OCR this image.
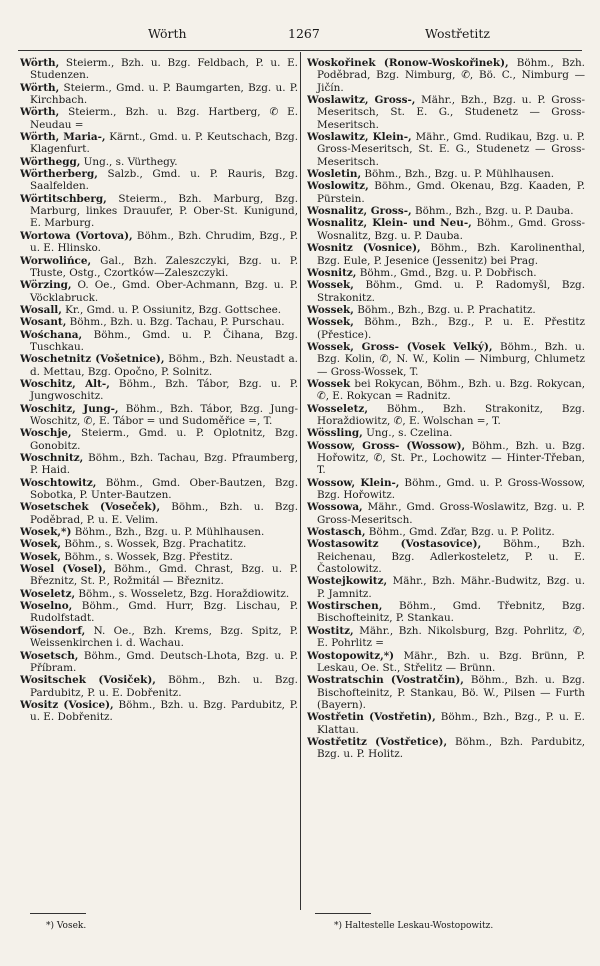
Wörth	1267	Wostřetitz

Wörth, Steierm., Bzh. u. Bzg. Feldbach, P. u. E. Studenzen.

Wörth, Steierm., Gmd. u. P. Baumgarten, Bzg. u. P. Kirchbach.

Wörth, Steierm., Bzh. u. Bzg. Hartberg, ✆ E. Neudau =

Wörth, Maria-, Kärnt., Gmd. u. P. Keutschach, Bzg. Klagenfurt.

Wörthegg, Ung., s. Vürthegy.

Wörtherberg, Salzb., Gmd. u. P. Rauris, Bzg. Saalfelden.

Wörtitschberg, Steierm., Bzh. Marburg, Bzg. Marburg, linkes Drauufer, P. Ober-St. Kunigund, E. Marburg.

Wortowa (Vortova), Böhm., Bzh. Chrudim, Bzg., P. u. E. Hlinsko.

Worwolińce, Gal., Bzh. Zaleszczyki, Bzg. u. P. Tłuste, Ostg., Czortków—Zaleszczyki.

Wörzing, O. Oe., Gmd. Ober-Achmann, Bzg. u. P. Vöcklabruck.

Wosall, Kr., Gmd. u. P. Ossiunitz, Bzg. Gottschee.

Wosant, Böhm., Bzh. u. Bzg. Tachau, P. Purschau.

Wośchana, Böhm., Gmd. u. P. Čihana, Bzg. Tuschkau.

Woschetnitz (Vošetnice), Böhm., Bzh. Neustadt a. d. Mettau, Bzg. Opočno, P. Solnitz.

Woschitz, Alt-, Böhm., Bzh. Tábor, Bzg. u. P. Jungwoschitz.

Woschitz, Jung-, Böhm., Bzh. Tábor, Bzg. Jung-Woschitz, ✆, E. Tábor = und Sudoměřice =, T.

Woschje, Steierm., Gmd. u. P. Oplotnitz, Bzg. Gonobitz.

Woschnitz, Böhm., Bzh. Tachau, Bzg. Pfraumberg, P. Haid.

Woschtowitz, Böhm., Gmd. Ober-Bautzen, Bzg. Sobotka, P. Unter-Bautzen.

Wosetschek (Voseček), Böhm., Bzh. u. Bzg. Poděbrad, P. u. E. Velim.

Wosek,*) Böhm., Bzh., Bzg. u. P. Mühlhausen.

Wosek, Böhm., s. Wossek, Bzg. Prachatitz.

Wosek, Böhm., s. Wossek, Bzg. Přestitz.

Wosel (Vosel), Böhm., Gmd. Chrast, Bzg. u. P. Březnitz, St. P., Rožmitál — Březnitz.

Woseletz, Böhm., s. Wosseletz, Bzg. Horaždiowitz.

Woselno, Böhm., Gmd. Hurr, Bzg. Lischau, P. Rudolfstadt.

Wösendorf, N. Oe., Bzh. Krems, Bzg. Spitz, P. Weissenkirchen i. d. Wachau.

Wosetsch, Böhm., Gmd. Deutsch-Lhota, Bzg. u. P. Příbram.

Wositschek (Vosiček), Böhm., Bzh. u. Bzg. Pardubitz, P. u. E. Dobřenitz.

Wositz (Vosice), Böhm., Bzh. u. Bzg. Pardubitz, P. u. E. Dobřenitz.

Woskořinek (Ronow-Woskořinek), Böhm., Bzh. Poděbrad, Bzg. Nimburg, ✆, Bö. C., Nimburg — Jičín.

Woslawitz, Gross-, Mähr., Bzh., Bzg. u. P. Gross-Meseritsch, St. E. G., Studenetz — Gross-Meseritsch.

Woslawitz, Klein-, Mähr., Gmd. Rudikau, Bzg. u. P. Gross-Meseritsch, St. E. G., Studenetz — Gross-Meseritsch.

Wosletin, Böhm., Bzh., Bzg. u. P. Mühlhausen.

Woslowitz, Böhm., Gmd. Okenau, Bzg. Kaaden, P. Pürstein.

Wosnalitz, Gross-, Böhm., Bzh., Bzg. u. P. Dauba.

Wosnalitz, Klein- und Neu-, Böhm., Gmd. Gross-Wosnalitz, Bzg. u. P. Dauba.

Wosnitz (Vosnice), Böhm., Bzh. Karolinenthal, Bzg. Eule, P. Jesenice (Jessenitz) bei Prag.

Wosnitz, Böhm., Gmd., Bzg. u. P. Dobřisch.

Wossek, Böhm., Gmd. u. P. Radomyšl, Bzg. Strakonitz.

Wossek, Böhm., Bzh., Bzg. u. P. Prachatitz.

Wossek, Böhm., Bzh., Bzg., P. u. E. Přestitz (Přestice).

Wossek, Gross- (Vosek Velký), Böhm., Bzh. u. Bzg. Kolin, ✆, N. W., Kolin — Nimburg, Chlumetz — Gross-Wossek, T.

Wossek bei Rokycan, Böhm., Bzh. u. Bzg. Rokycan, ✆, E. Rokycan = Radnitz.

Wosseletz, Böhm., Bzh. Strakonitz, Bzg. Horaždiowitz, ✆, E. Wolschan =, T.

Wössling, Ung., s. Czelina.

Wossow, Gross- (Wossow), Böhm., Bzh. u. Bzg. Hořowitz, ✆, St. Pr., Lochowitz — Hinter-Třeban, T.

Wossow, Klein-, Böhm., Gmd. u. P. Gross-Wossow, Bzg. Hořowitz.

Wossowa, Mähr., Gmd. Gross-Woslawitz, Bzg. u. P. Gross-Meseritsch.

Wostasch, Böhm., Gmd. Zďar, Bzg. u. P. Politz.

Wostasowitz (Vostasovice), Böhm., Bzh. Reichenau, Bzg. Adlerkosteletz, P. u. E. Častolowitz.

Wostejkowitz, Mähr., Bzh. Mähr.-Budwitz, Bzg. u. P. Jamnitz.

Wostirschen, Böhm., Gmd. Třebnitz, Bzg. Bischofteinitz, P. Stankau.

Wostitz, Mähr., Bzh. Nikolsburg, Bzg. Pohrlitz, ✆, E. Pohrlitz =

Wostopowitz,*) Mähr., Bzh. u. Bzg. Brünn, P. Leskau, Oe. St., Střelitz — Brünn.

Wostratschin (Vostratčin), Böhm., Bzh. u. Bzg. Bischofteinitz, P. Stankau, Bö. W., Pilsen — Furth (Bayern).

Wostřetin (Vostřetin), Böhm., Bzh., Bzg., P. u. E. Klattau.

Wostřetitz (Vostřetice), Böhm., Bzh. Pardubitz, Bzg. u. P. Holitz.

*) Vosek.	*) Haltestelle Leskau-Wostopowitz.
